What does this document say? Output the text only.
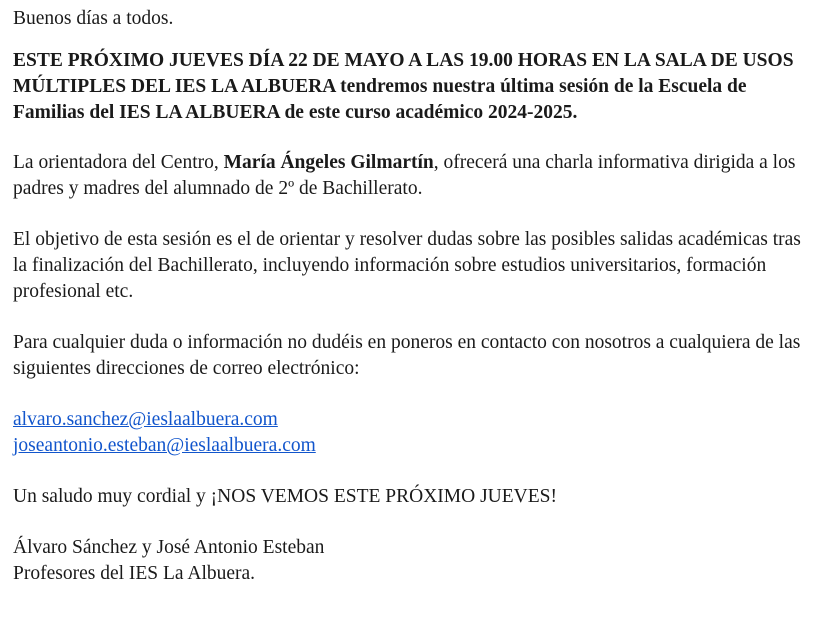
Buenos días a todos.

ESTE PRÓXIMO JUEVES DÍA 22 DE MAYO A LAS 19.00 HORAS EN LA SALA DE USOS MÚLTIPLES DEL IES LA ALBUERA tendremos nuestra última sesión de la Escuela de Familias del IES LA ALBUERA de este curso académico 2024-2025.

La orientadora del Centro, María Ángeles Gilmartín, ofrecerá una charla informativa dirigida a los padres y madres del alumnado de 2º de Bachillerato.

El objetivo de esta sesión es el de orientar y resolver dudas sobre las posibles salidas académicas tras la finalización del Bachillerato, incluyendo información sobre estudios universitarios, formación profesional etc.

Para cualquier duda o información no dudéis en poneros en contacto con nosotros a cualquiera de las siguientes direcciones de correo electrónico:

alvaro.sanchez@ieslaalbuera.com
joseantonio.esteban@ieslaalbuera.com

Un saludo muy cordial y ¡NOS VEMOS ESTE PRÓXIMO JUEVES!

Álvaro Sánchez y José Antonio Esteban

Profesores del IES La Albuera.
